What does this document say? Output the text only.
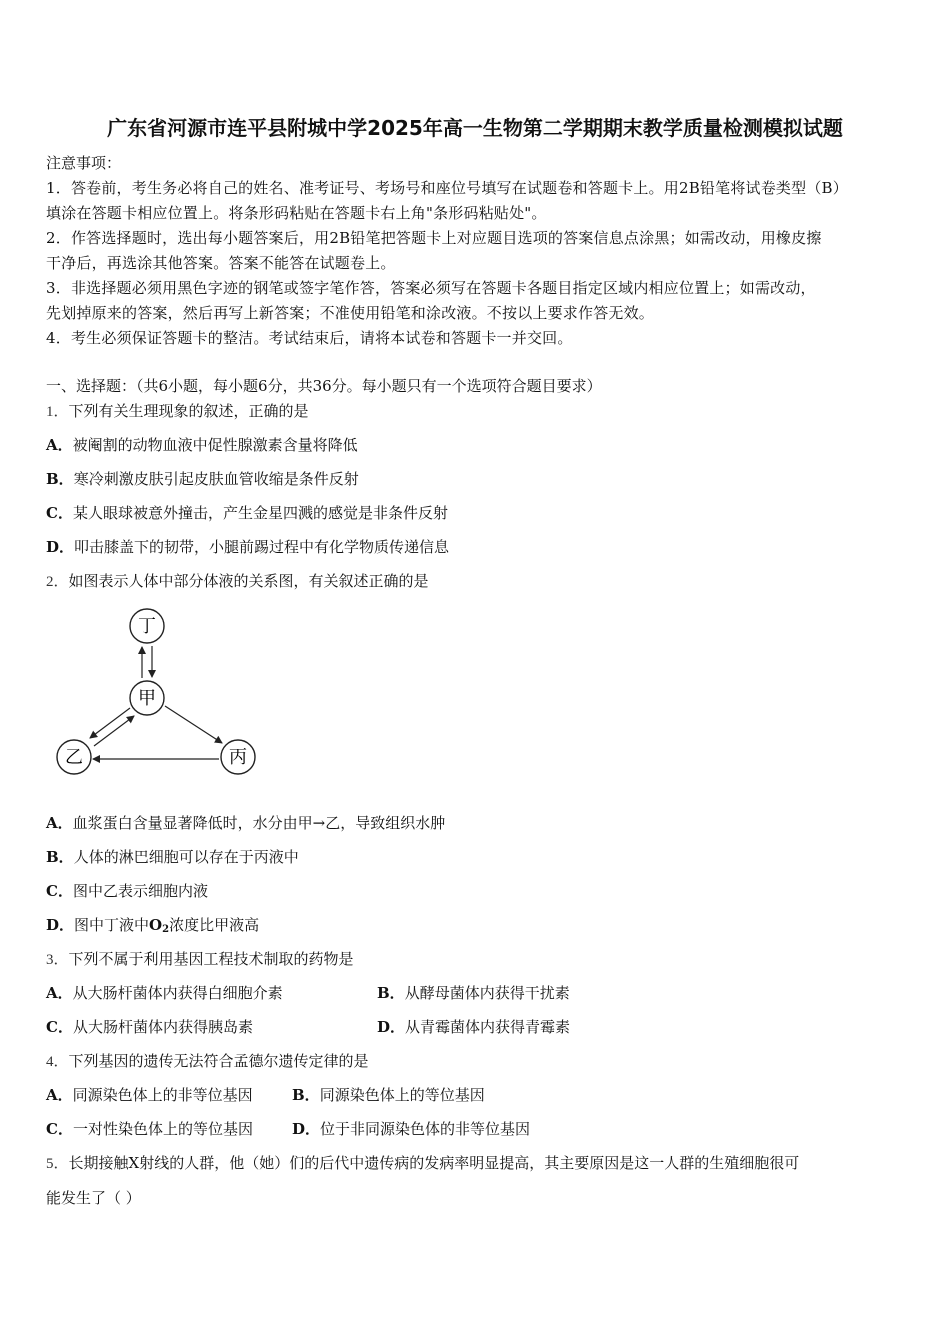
广东省河源市连平县附城中学2025年高一生物第二学期期末教学质量检测模拟试题
注意事项：
1．答卷前，考生务必将自己的姓名、准考证号、考场号和座位号填写在试题卷和答题卡上。用2B铅笔将试卷类型（B）
填涂在答题卡相应位置上。将条形码粘贴在答题卡右上角"条形码粘贴处"。
2．作答选择题时，选出每小题答案后，用2B铅笔把答题卡上对应题目选项的答案信息点涂黑；如需改动，用橡皮擦
干净后，再选涂其他答案。答案不能答在试题卷上。
3．非选择题必须用黑色字迹的钢笔或签字笔作答，答案必须写在答题卡各题目指定区域内相应位置上；如需改动，
先划掉原来的答案，然后再写上新答案；不准使用铅笔和涂改液。不按以上要求作答无效。
4．考生必须保证答题卡的整洁。考试结束后，请将本试卷和答题卡一并交回。
一、选择题：（共6小题，每小题6分，共36分。每小题只有一个选项符合题目要求）
1．下列有关生理现象的叙述，正确的是
A．被阉割的动物血液中促性腺激素含量将降低
B．寒冷刺激皮肤引起皮肤血管收缩是条件反射
C．某人眼球被意外撞击，产生金星四溅的感觉是非条件反射
D．叩击膝盖下的韧带，小腿前踢过程中有化学物质传递信息
2．如图表示人体中部分体液的关系图，有关叙述正确的是
丁
甲
乙	丙
A．血浆蛋白含量显著降低时，水分由甲→乙，导致组织水肿
B．人体的淋巴细胞可以存在于丙液中
C．图中乙表示细胞内液
D．图中丁液中$O_2$浓度比甲液高
3．下列不属于利用基因工程技术制取的药物是
A．从大肠杆菌体内获得白细胞介素	B．从酵母菌体内获得干扰素
C．从大肠杆菌体内获得胰岛素	D．从青霉菌体内获得青霉素
4．下列基因的遗传无法符合孟德尔遗传定律的是
A．同源染色体上的非等位基因	B．同源染色体上的等位基因
C．一对性染色体上的等位基因	D．位于非同源染色体的非等位基因
5．长期接触X射线的人群，他（她）们的后代中遗传病的发病率明显提高，其主要原因是这一人群的生殖细胞很可
能发生了（ ）
